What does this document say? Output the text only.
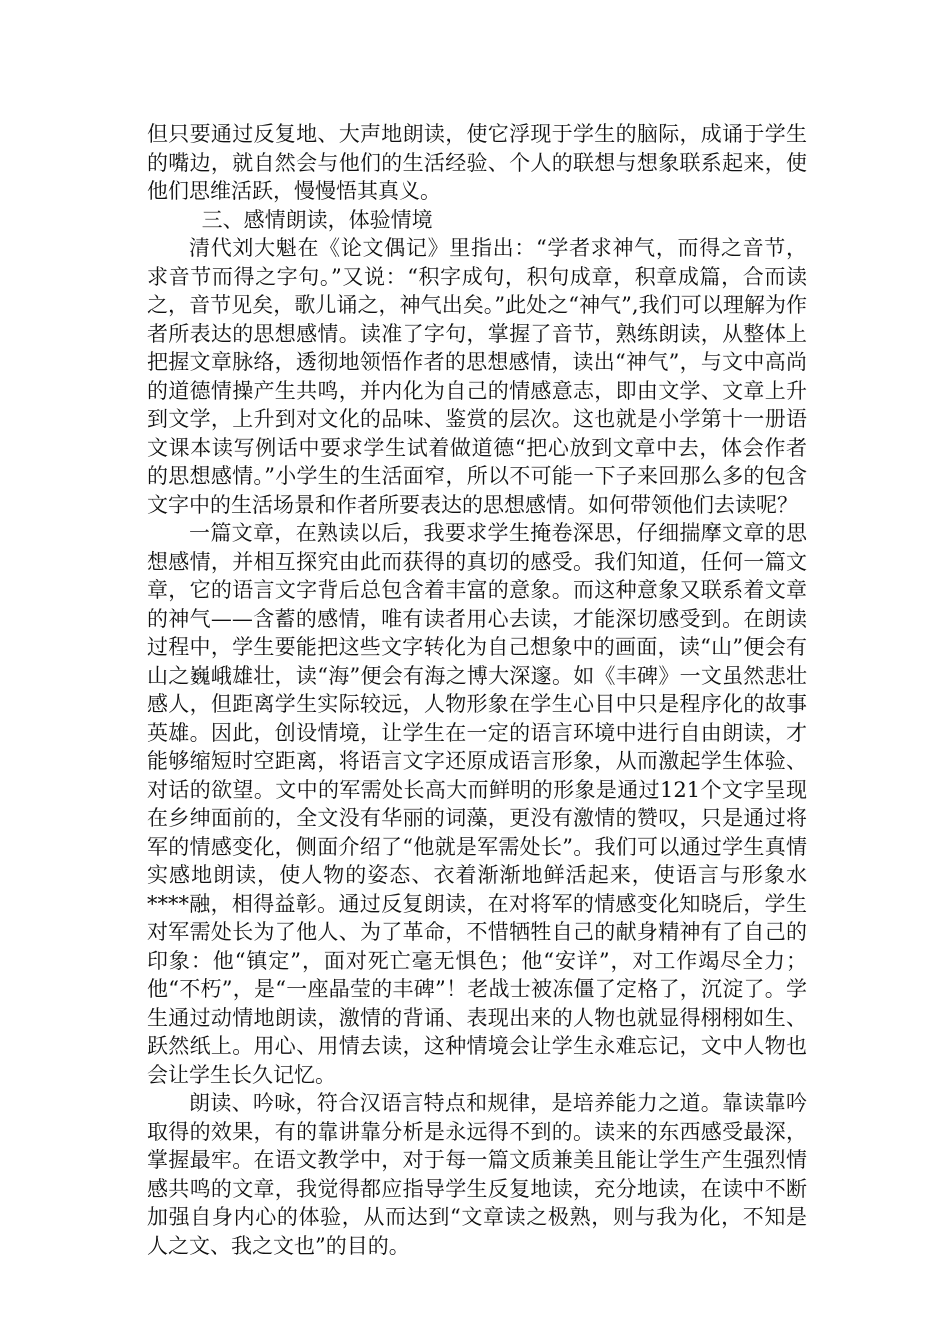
但只要通过反复地、大声地朗读，使它浮现于学生的脑际，成诵于学生的嘴边，就自然会与他们的生活经验、个人的联想与想象联系起来，使他们思维活跃，慢慢悟其真义。

三、感情朗读，体验情境

清代刘大魁在《论文偶记》里指出：“学者求神气，而得之音节，求音节而得之字句。”又说：“积字成句，积句成章，积章成篇，合而读之，音节见矣，歌儿诵之，神气出矣。”此处之“神气”,我们可以理解为作者所表达的思想感情。读准了字句，掌握了音节，熟练朗读，从整体上把握文章脉络，透彻地领悟作者的思想感情，读出“神气”，与文中高尚的道德情操产生共鸣，并内化为自己的情感意志，即由文学、文章上升到文学，上升到对文化的品味、鉴赏的层次。这也就是小学第十一册语文课本读写例话中要求学生试着做道德“把心放到文章中去，体会作者的思想感情。”小学生的生活面窄，所以不可能一下子来回那么多的包含文字中的生活场景和作者所要表达的思想感情。如何带领他们去读呢？

一篇文章，在熟读以后，我要求学生掩卷深思，仔细揣摩文章的思想感情，并相互探究由此而获得的真切的感受。我们知道，任何一篇文章，它的语言文字背后总包含着丰富的意象。而这种意象又联系着文章的神气——含蓄的感情，唯有读者用心去读，才能深切感受到。在朗读过程中，学生要能把这些文字转化为自己想象中的画面，读“山”便会有山之巍峨雄壮，读“海”便会有海之博大深邃。如《丰碑》一文虽然悲壮感人，但距离学生实际较远，人物形象在学生心目中只是程序化的故事英雄。因此，创设情境，让学生在一定的语言环境中进行自由朗读，才能够缩短时空距离，将语言文字还原成语言形象，从而激起学生体验、对话的欲望。文中的军需处长高大而鲜明的形象是通过121个文字呈现在乡绅面前的，全文没有华丽的词藻，更没有激情的赞叹，只是通过将军的情感变化，侧面介绍了“他就是军需处长”。我们可以通过学生真情实感地朗读，使人物的姿态、衣着渐渐地鲜活起来，使语言与形象水****融，相得益彰。通过反复朗读，在对将军的情感变化知晓后，学生对军需处长为了他人、为了革命，不惜牺牲自己的献身精神有了自己的印象：他“镇定”，面对死亡毫无惧色；他“安详”，对工作竭尽全力；他“不朽”，是“一座晶莹的丰碑”！老战士被冻僵了定格了，沉淀了。学生通过动情地朗读，激情的背诵、表现出来的人物也就显得栩栩如生、跃然纸上。用心、用情去读，这种情境会让学生永难忘记，文中人物也会让学生长久记忆。

朗读、吟咏，符合汉语言特点和规律，是培养能力之道。靠读靠吟取得的效果，有的靠讲靠分析是永远得不到的。读来的东西感受最深，掌握最牢。在语文教学中，对于每一篇文质兼美且能让学生产生强烈情感共鸣的文章，我觉得都应指导学生反复地读，充分地读，在读中不断加强自身内心的体验，从而达到“文章读之极熟，则与我为化，不知是人之文、我之文也”的目的。
